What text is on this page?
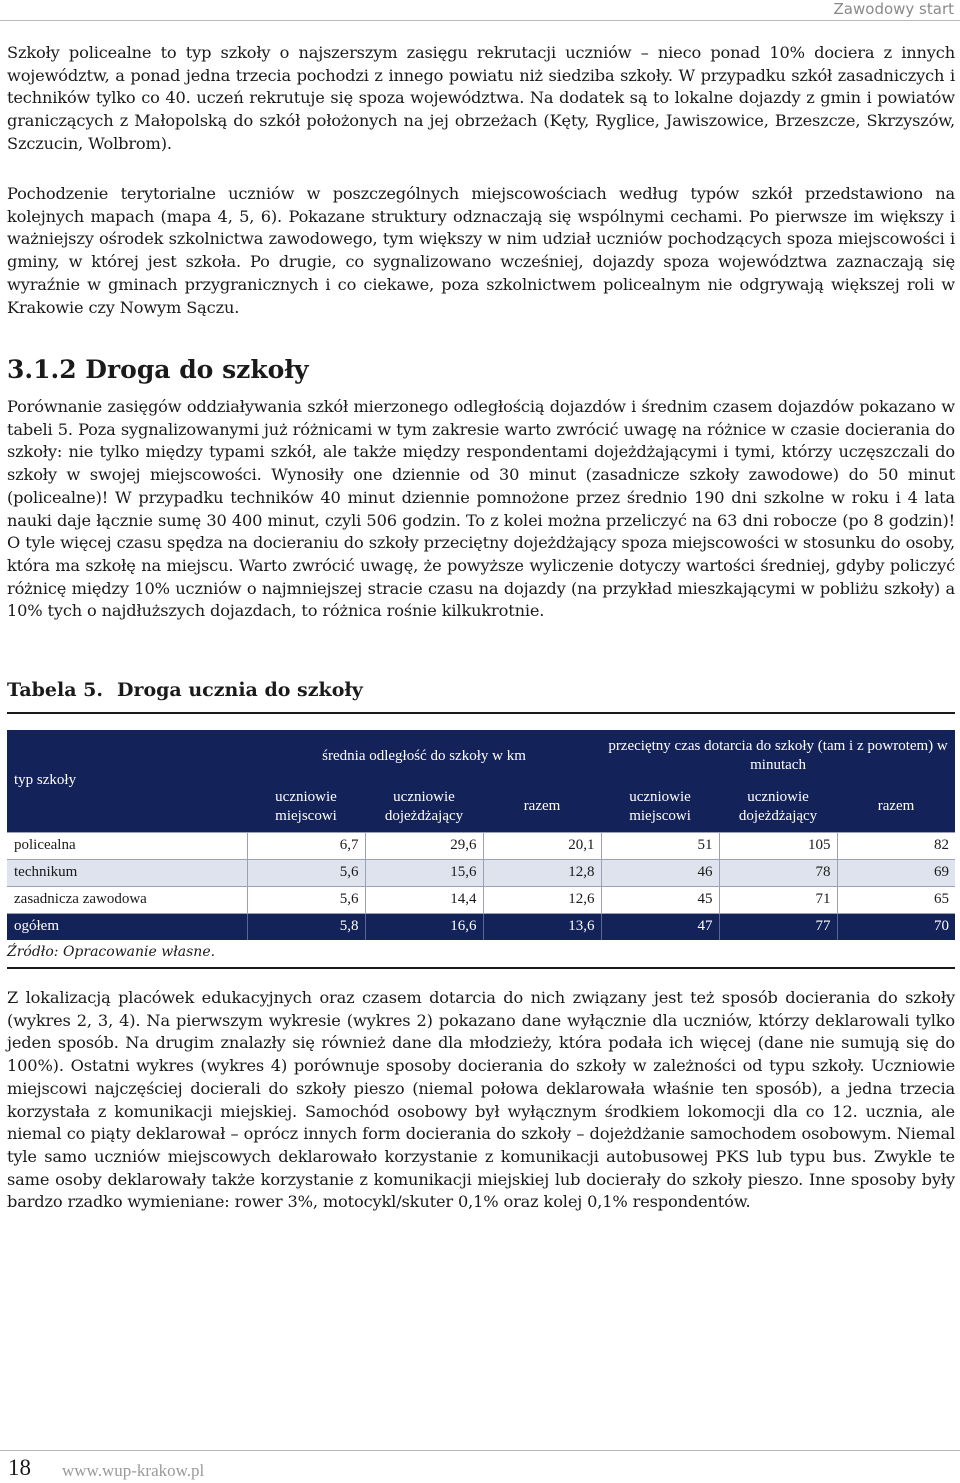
Zawodowy start

Szkoły policealne to typ szkoły o najszerszym zasięgu rekrutacji uczniów – nieco ponad 10% dociera z innych województw, a ponad jedna trzecia pochodzi z innego powiatu niż siedziba szkoły. W przypadku szkół zasadniczych i techników tylko co 40. uczeń rekrutuje się spoza województwa. Na dodatek są to lokalne dojazdy z gmin i powiatów graniczących z Małopolską do szkół położonych na jej obrzeżach (Kęty, Ryglice, Jawiszowice, Brzeszcze, Skrzyszów, Szczucin, Wolbrom).

Pochodzenie terytorialne uczniów w poszczególnych miejscowościach według typów szkół przedstawiono na kolejnych mapach (mapa 4, 5, 6). Pokazane struktury odznaczają się wspólnymi cechami. Po pierwsze im większy i ważniejszy ośrodek szkolnictwa zawodowego, tym większy w nim udział uczniów pochodzących spoza miejscowości i gminy, w której jest szkoła. Po drugie, co sygnalizowano wcześniej, dojazdy spoza województwa zaznaczają się wyraźnie w gminach przygranicznych i co ciekawe, poza szkolnictwem policealnym nie odgrywają większej roli w Krakowie czy Nowym Sączu.

3.1.2 Droga do szkoły

Porównanie zasięgów oddziaływania szkół mierzonego odległością dojazdów i średnim czasem dojazdów pokazano w tabeli 5. Poza sygnalizowanymi już różnicami w tym zakresie warto zwrócić uwagę na różnice w czasie docierania do szkoły: nie tylko między typami szkół, ale także między respondentami dojeżdżającymi i tymi, którzy uczęszczali do szkoły w swojej miejscowości. Wynosiły one dziennie od 30 minut (zasadnicze szkoły zawodowe) do 50 minut (policealne)! W przypadku techników 40 minut dziennie pomnożone przez średnio 190 dni szkolne w roku i 4 lata nauki daje łącznie sumę 30 400 minut, czyli 506 godzin. To z kolei można przeliczyć na 63 dni robocze (po 8 godzin)! O tyle więcej czasu spędza na docieraniu do szkoły przeciętny dojeżdżający spoza miejscowości w stosunku do osoby, która ma szkołę na miejscu. Warto zwrócić uwagę, że powyższe wyliczenie dotyczy wartości średniej, gdyby policzyć różnicę między 10% uczniów o najmniejszej stracie czasu na dojazdy (na przykład mieszkającymi w pobliżu szkoły) a 10% tych o najdłuższych dojazdach, to różnica rośnie kilkukrotnie.

Tabela 5. Droga ucznia do szkoły
typ szkoły	średnia odległość do szkoły w km			przeciętny czas dotarcia do szkoły (tam i z powrotem) w minutach		
	uczniowie miejscowi	uczniowie dojeżdżający	razem	uczniowie miejscowi	uczniowie dojeżdżający	razem
policealna	6,7	29,6	20,1	51	105	82
technikum	5,6	15,6	12,8	46	78	69
zasadnicza zawodowa	5,6	14,4	12,6	45	71	65
ogółem	5,8	16,6	13,6	47	77	70
Źródło: Opracowanie własne.

Z lokalizacją placówek edukacyjnych oraz czasem dotarcia do nich związany jest też sposób docierania do szkoły (wykres 2, 3, 4). Na pierwszym wykresie (wykres 2) pokazano dane wyłącznie dla uczniów, którzy deklarowali tylko jeden sposób. Na drugim znalazły się również dane dla młodzieży, która podała ich więcej (dane nie sumują się do 100%). Ostatni wykres (wykres 4) porównuje sposoby docierania do szkoły w zależności od typu szkoły. Uczniowie miejscowi najczęściej docierali do szkoły pieszo (niemal połowa deklarowała właśnie ten sposób), a jedna trzecia korzystała z komunikacji miejskiej. Samochód osobowy był wyłącznym środkiem lokomocji dla co 12. ucznia, ale niemal co piąty deklarował – oprócz innych form docierania do szkoły – dojeżdżanie samochodem osobowym. Niemal tyle samo uczniów miejscowych deklarowało korzystanie z komunikacji autobusowej PKS lub typu bus. Zwykle te same osoby deklarowały także korzystanie z komunikacji miejskiej lub docierały do szkoły pieszo. Inne sposoby były bardzo rzadko wymieniane: rower 3%, motocykl/skuter 0,1% oraz kolej 0,1% respondentów.

18 www.wup-krakow.pl
